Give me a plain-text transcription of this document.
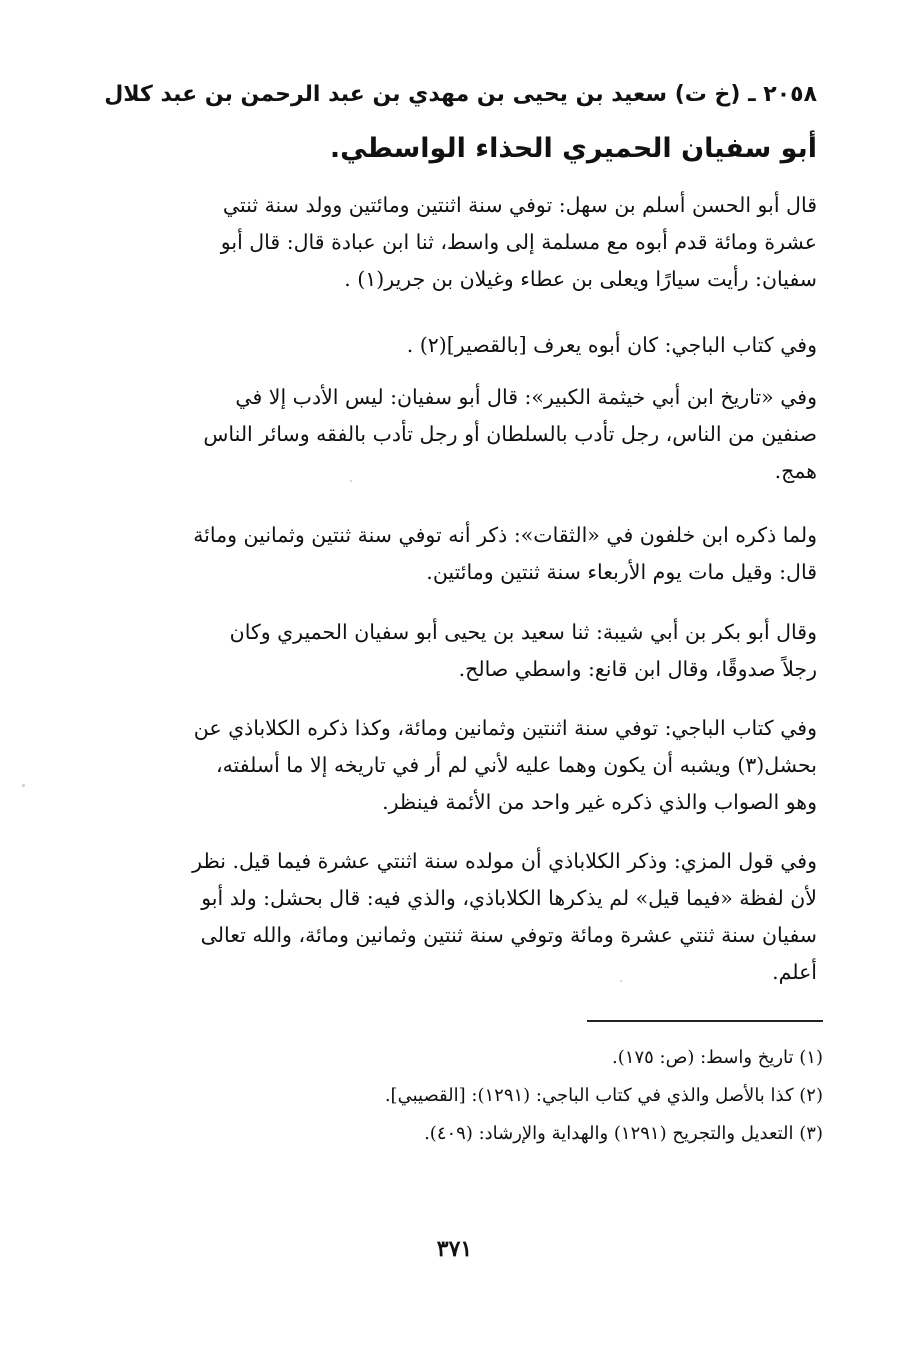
٢٠٥٨ ـ (خ ت) سعيد بن يحيى بن مهدي بن عبد الرحمن بن عبد كلال
أبو سفيان الحميري الحذاء الواسطي.
قال أبو الحسن أسلم بن سهل: توفي سنة اثنتين ومائتين وولد سنة ثنتي
عشرة ومائة قدم أبوه مع مسلمة إلى واسط، ثنا ابن عبادة قال: قال أبو
سفيان: رأيت سيارًا ويعلى بن عطاء وغيلان بن جرير(١) .
وفي كتاب الباجي: كان أبوه يعرف [بالقصير](٢) .
وفي «تاريخ ابن أبي خيثمة الكبير»: قال أبو سفيان: ليس الأدب إلا في
صنفين من الناس، رجل تأدب بالسلطان أو رجل تأدب بالفقه وسائر الناس
همج.
ولما ذكره ابن خلفون في «الثقات»: ذكر أنه توفي سنة ثنتين وثمانين ومائة
قال: وقيل مات يوم الأربعاء سنة ثنتين ومائتين.
وقال أبو بكر بن أبي شيبة: ثنا سعيد بن يحيى أبو سفيان الحميري وكان
رجلاً صدوقًا، وقال ابن قانع: واسطي صالح.
وفي كتاب الباجي: توفي سنة اثنتين وثمانين ومائة، وكذا ذكره الكلاباذي عن
بحشل(٣) ويشبه أن يكون وهما عليه لأني لم أر في تاريخه إلا ما أسلفته،
وهو الصواب والذي ذكره غير واحد من الأئمة فينظر.
وفي قول المزي: وذكر الكلاباذي أن مولده سنة اثنتي عشرة فيما قيل. نظر
لأن لفظة «فيما قيل» لم يذكرها الكلاباذي، والذي فيه: قال بحشل: ولد أبو
سفيان سنة ثنتي عشرة ومائة وتوفي سنة ثنتين وثمانين ومائة، والله تعالى
أعلم.
(١) تاريخ واسط: (ص: ١٧٥).
(٢) كذا بالأصل والذي في كتاب الباجي: (١٢٩١): [القصيبي].
(٣) التعديل والتجريح (١٢٩١) والهداية والإرشاد: (٤٠٩).
٣٧١
